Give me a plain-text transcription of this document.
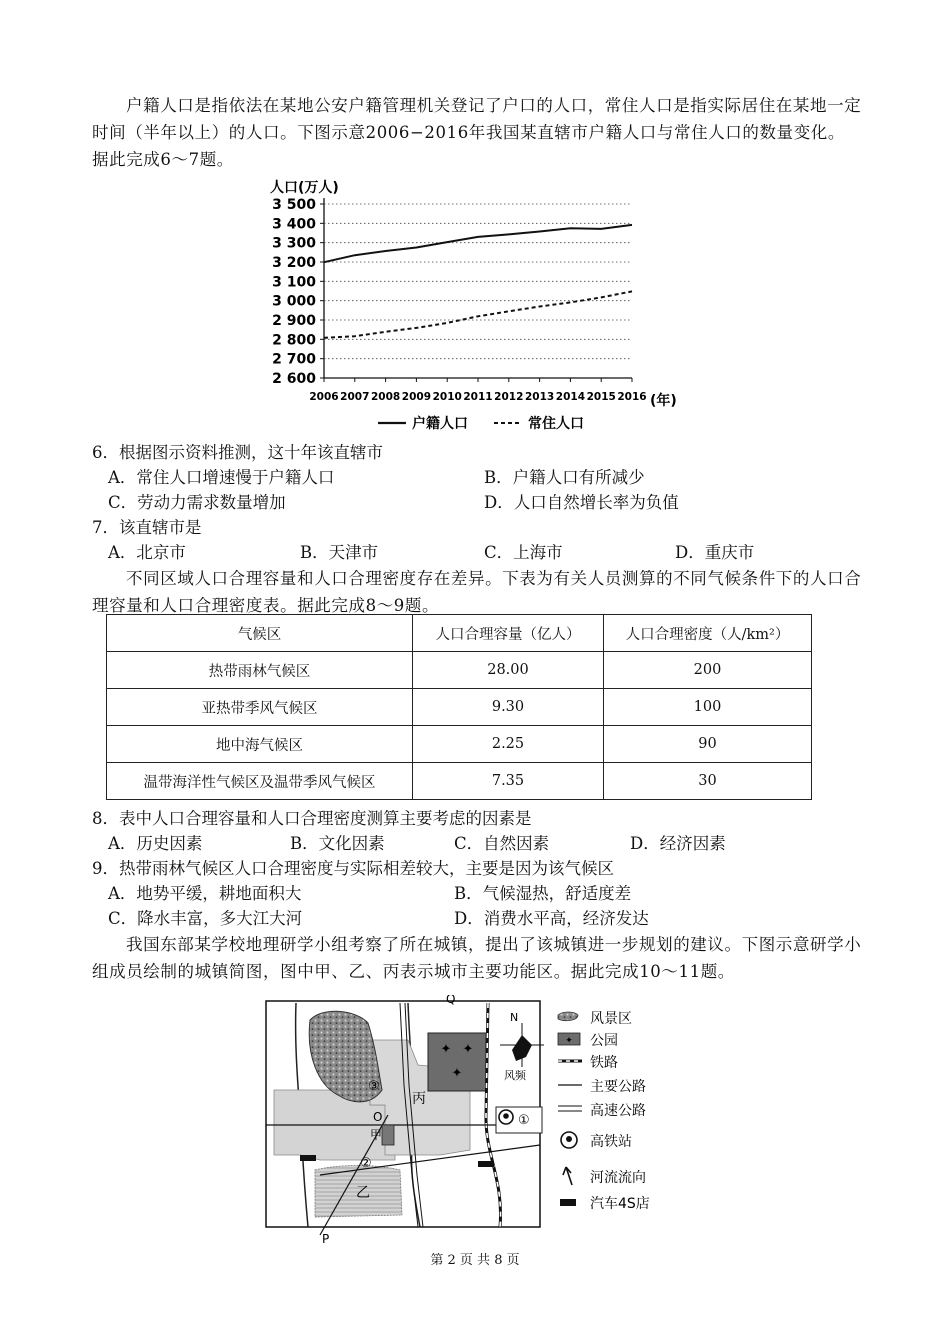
户籍人口是指依法在某地公安户籍管理机关登记了户口的人口，常住人口是指实际居住在某地一定时间（半年以上）的人口。下图示意2006−2016年我国某直辖市户籍人口与常住人口的数量变化。据此完成6～7题。

人口(万人)
2 600
2 700
2 800
2 900
3 000
3 100
3 200
3 300
3 400
3 500
2006 2007 2008 2009 2010 2011 2012 2013 2014 2015 2016 (年)
户籍人口	常住人口

6．根据图示资料推测，这十年该直辖市

A．常住人口增速慢于户籍人口	B．户籍人口有所减少

C．劳动力需求数量增加	D．人口自然增长率为负值

7．该直辖市是

A．北京市	B．天津市	C．上海市	D．重庆市

不同区域人口合理容量和人口合理密度存在差异。下表为有关人员测算的不同气候条件下的人口合理容量和人口合理密度表。据此完成8～9题。

气候区	人口合理容量（亿人）	人口合理密度（人/km²）
热带雨林气候区	28.00	200
亚热带季风气候区	9.30	100
地中海气候区	2.25	90
温带海洋性气候区及温带季风气候区	7.35	30

8．表中人口合理容量和人口合理密度测算主要考虑的因素是

A．历史因素	B．文化因素	C．自然因素	D．经济因素

9．热带雨林气候区人口合理密度与实际相差较大，主要是因为该气候区

A．地势平缓，耕地面积大	B．气候湿热，舒适度差

C．降水丰富，多大江大河	D．消费水平高，经济发达

我国东部某学校地理研学小组考察了所在城镇，提出了该城镇进一步规划的建议。下图示意研学小组成员绘制的城镇简图，图中甲、乙、丙表示城市主要功能区。据此完成10～11题。

✦ ✦
✦
Q
N
风频
③
丙
①
O
甲
②
乙
P
风景区
✦ 公园
铁路
主要公路
高速公路
高铁站
河流流向
汽车4S店
第 2 页 共 8 页
